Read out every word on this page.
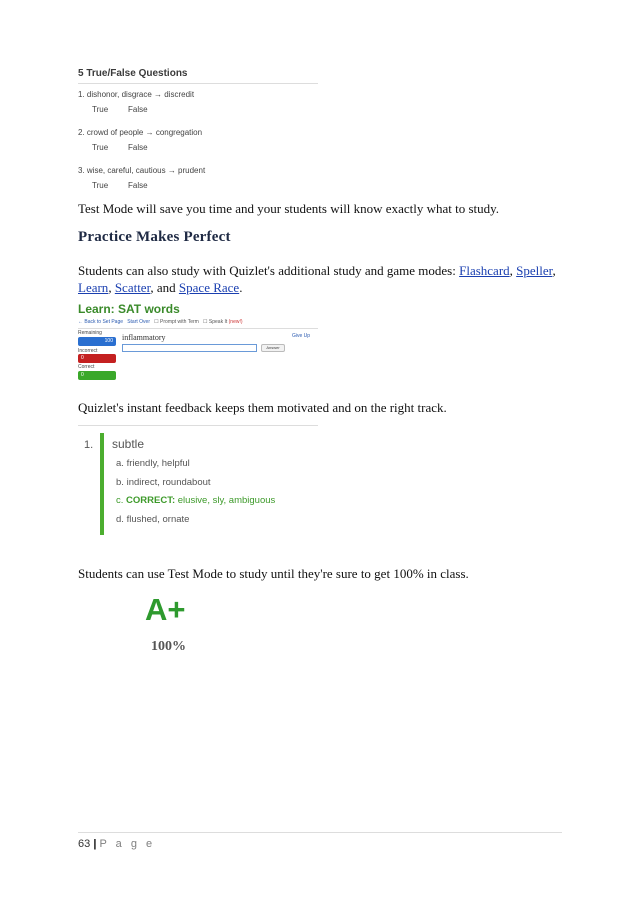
5 True/False Questions
1. dishonor, disgrace → discredit
True False
2. crowd of people → congregation
True False
3. wise, careful, cautious → prudent
True False
Test Mode will save you time and your students will know exactly what to study.
Practice Makes Perfect
Students can also study with Quizlet's additional study and game modes: Flashcard, Speller,
Learn, Scatter, and Space Race.
Learn: SAT words
← Back to Set Page Start Over ☐ Prompt with Term ☐ Speak It (new!)
Remaining
100
Incorrect
0
Correct
0
inflammatory
Answer
Give Up
Quizlet's instant feedback keeps them motivated and on the right track.
1. subtle
a. friendly, helpful
b. indirect, roundabout
c. CORRECT: elusive, sly, ambiguous
d. flushed, ornate
Students can use Test Mode to study until they're sure to get 100% in class.
A+
100%
63 | P a g e
